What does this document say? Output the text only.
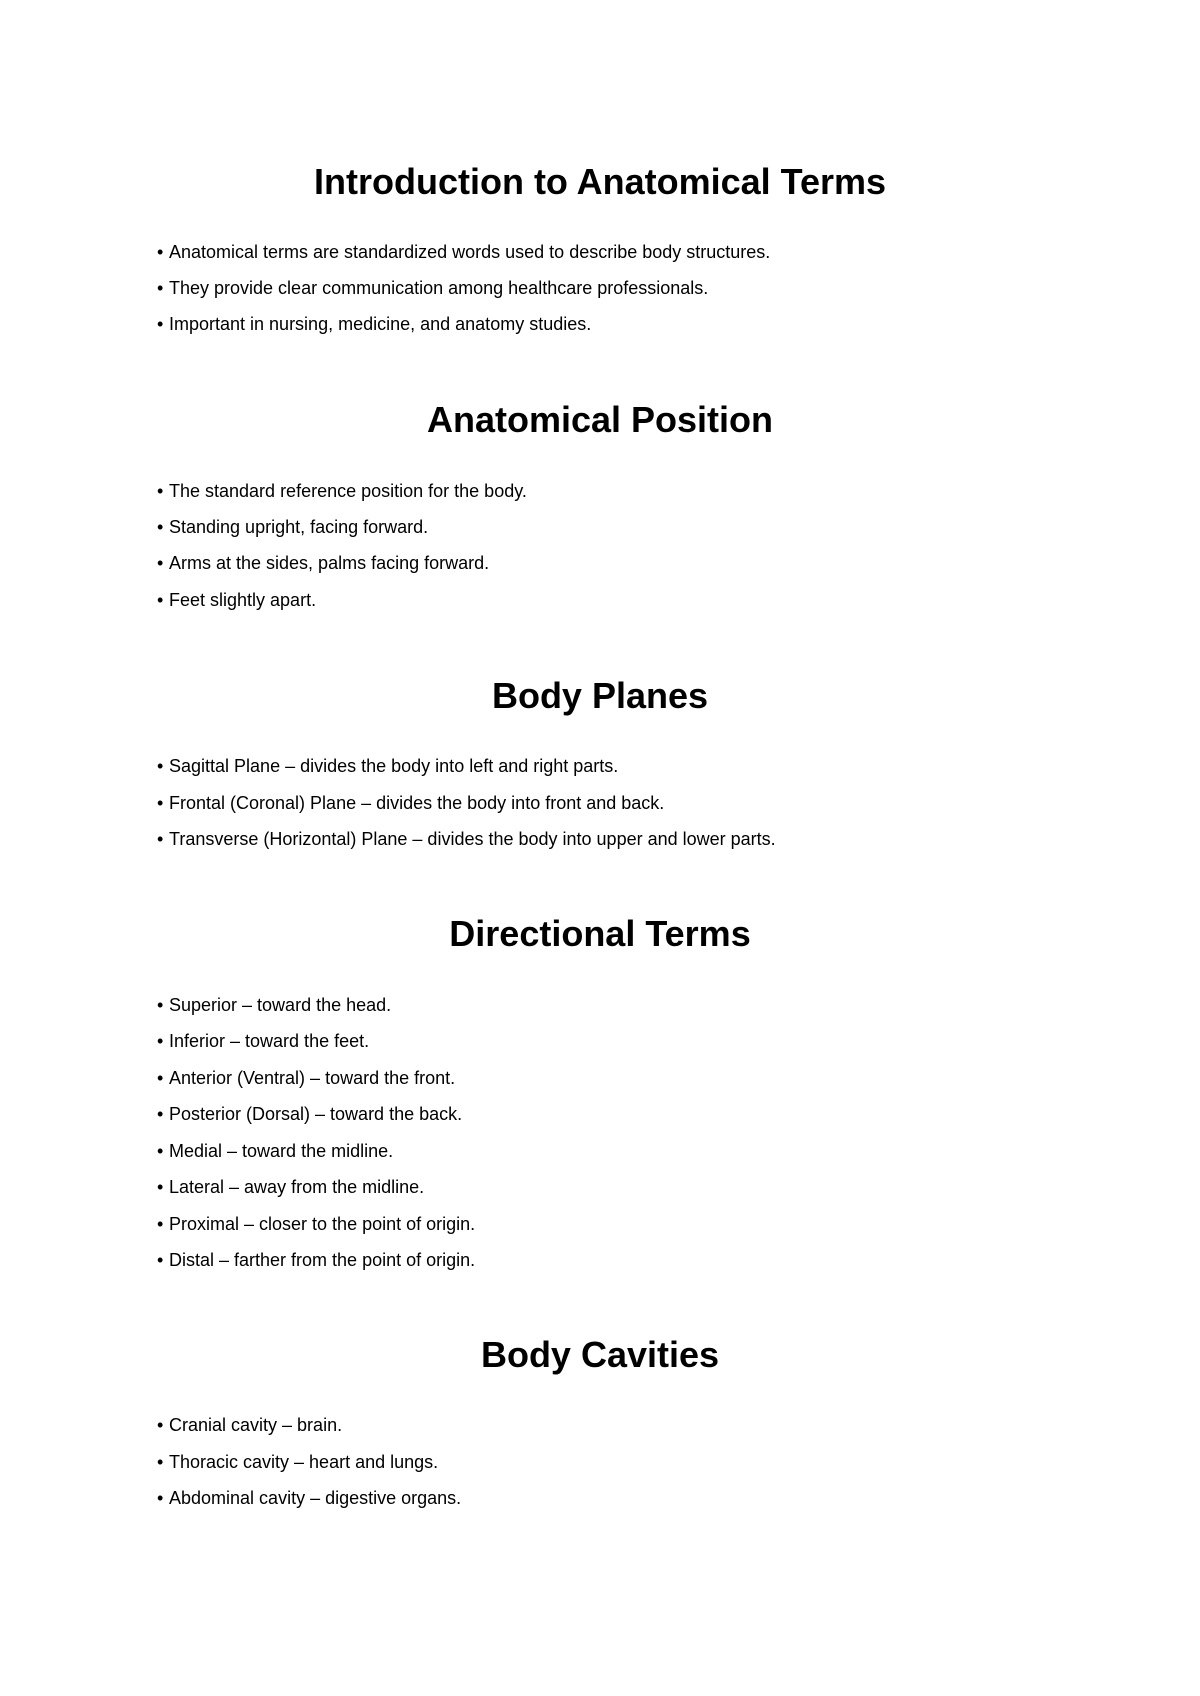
Introduction to Anatomical Terms

• Anatomical terms are standardized words used to describe body structures.

• They provide clear communication among healthcare professionals.

• Important in nursing, medicine, and anatomy studies.

Anatomical Position

• The standard reference position for the body.

• Standing upright, facing forward.

• Arms at the sides, palms facing forward.

• Feet slightly apart.

Body Planes

• Sagittal Plane – divides the body into left and right parts.

• Frontal (Coronal) Plane – divides the body into front and back.

• Transverse (Horizontal) Plane – divides the body into upper and lower parts.

Directional Terms

• Superior – toward the head.

• Inferior – toward the feet.

• Anterior (Ventral) – toward the front.

• Posterior (Dorsal) – toward the back.

• Medial – toward the midline.

• Lateral – away from the midline.

• Proximal – closer to the point of origin.

• Distal – farther from the point of origin.

Body Cavities

• Cranial cavity – brain.

• Thoracic cavity – heart and lungs.

• Abdominal cavity – digestive organs.
